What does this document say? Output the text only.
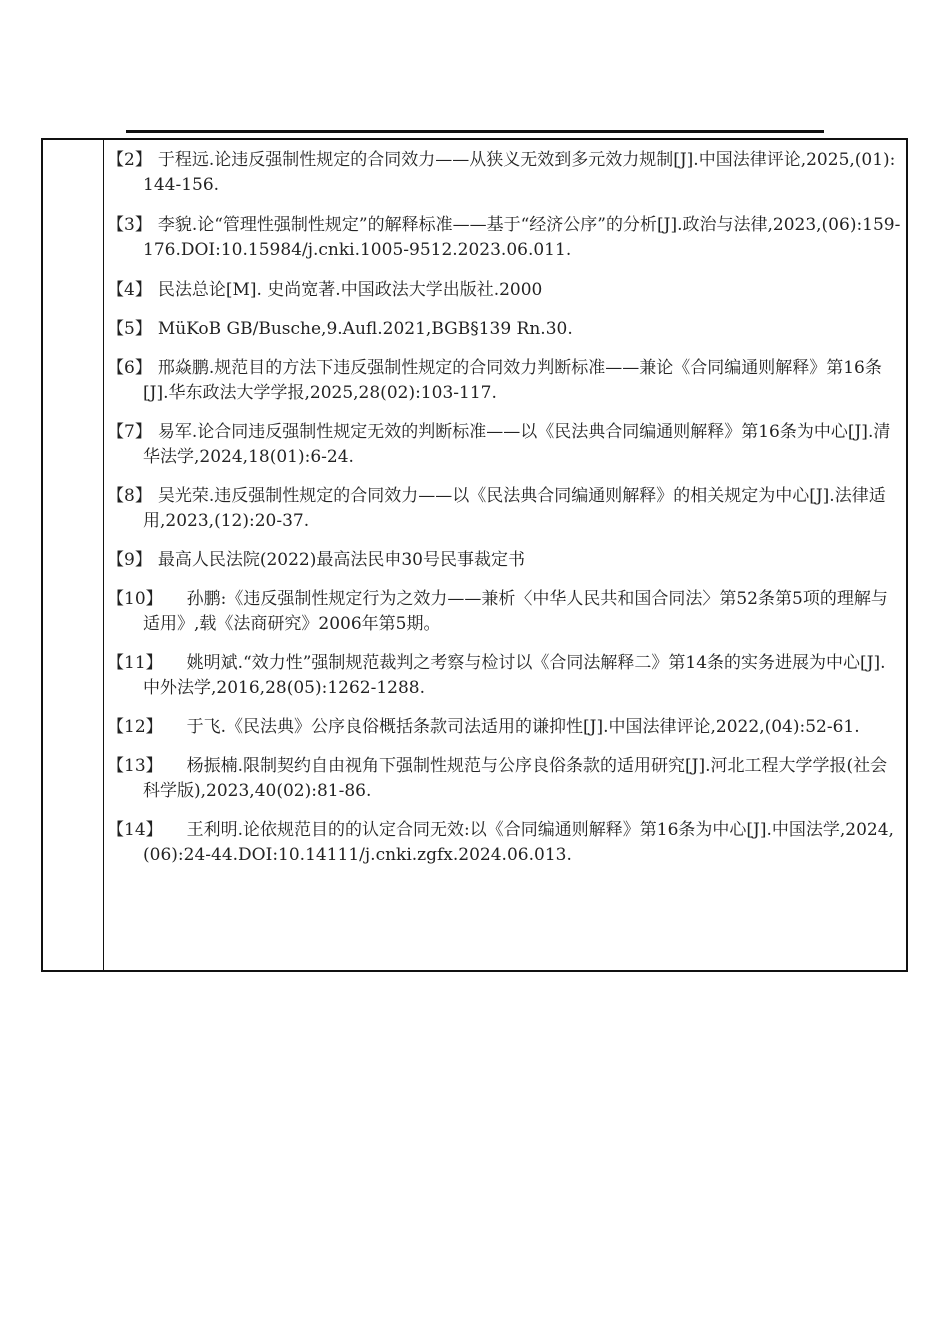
【2】 于程远.论违反强制性规定的合同效力——从狭义无效到多元效力规制[J].中国法律评论,2025,(01):144-156.
【3】 李貌.论“管理性强制性规定”的解释标准——基于“经济公序”的分析[J].政治与法律,2023,(06):159-176.DOI:10.15984/j.cnki.1005-9512.2023.06.011.
【4】 民法总论[M]. 史尚宽著.中国政法大学出版社.2000
【5】 MüKoB GB/Busche,9.Aufl.2021,BGB§139 Rn.30.
【6】 邢焱鹏.规范目的方法下违反强制性规定的合同效力判断标准——兼论《合同编通则解释》第16条[J].华东政法大学学报,2025,28(02):103-117.
【7】 易军.论合同违反强制性规定无效的判断标准——以《民法典合同编通则解释》第16条为中心[J].清华法学,2024,18(01):6-24.
【8】 吴光荣.违反强制性规定的合同效力——以《民法典合同编通则解释》的相关规定为中心[J].法律适用,2023,(12):20-37.
【9】 最高人民法院(2022)最高法民申30号民事裁定书
【10】 孙鹏:《违反强制性规定行为之效力——兼析〈中华人民共和国合同法〉第52条第5项的理解与适用》,载《法商研究》2006年第5期。
【11】 姚明斌.“效力性”强制规范裁判之考察与检讨以《合同法解释二》第14条的实务进展为中心[J].中外法学,2016,28(05):1262-1288.
【12】 于飞.《民法典》公序良俗概括条款司法适用的谦抑性[J].中国法律评论,2022,(04):52-61.
【13】 杨振楠.限制契约自由视角下强制性规范与公序良俗条款的适用研究[J].河北工程大学学报(社会科学版),2023,40(02):81-86.
【14】 王利明.论依规范目的的认定合同无效:以《合同编通则解释》第16条为中心[J].中国法学,2024,(06):24-44.DOI:10.14111/j.cnki.zgfx.2024.06.013.
